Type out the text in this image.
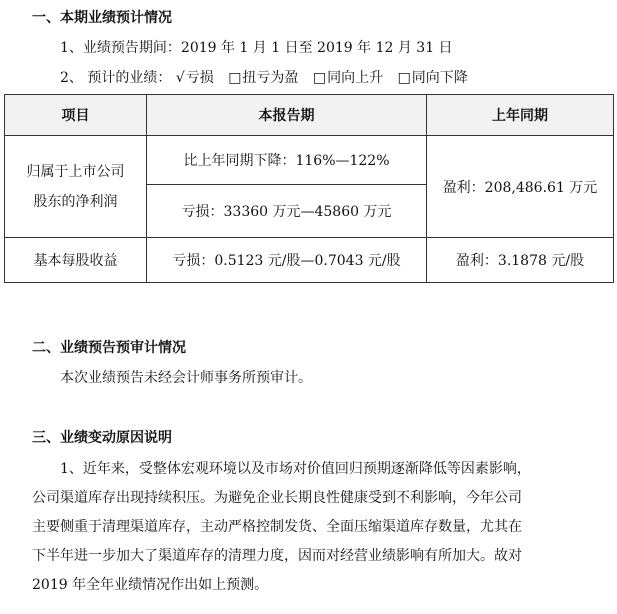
一、本期业绩预计情况
1、业绩预告期间：2019 年 1 月 1 日至 2019 年 12 月 31 日
2、 预计的业绩： √亏损 □扭亏为盈 □同向上升 □同向下降
项目	本报告期	上年同期

归属于上市公司
股东的净利润	比上年同期下降：116%—122%	盈利：208,486.61 万元
	亏损：33360 万元—45860 万元	
基本每股收益	亏损：0.5123 元/股—0.7043 元/股	盈利：3.1878 元/股
二、业绩预告预审计情况
本次业绩预告未经会计师事务所预审计。
三、业绩变动原因说明
1、近年来，受整体宏观环境以及市场对价值回归预期逐渐降低等因素影响，
公司渠道库存出现持续积压。为避免企业长期良性健康受到不利影响，今年公司
主要侧重于清理渠道库存，主动严格控制发货、全面压缩渠道库存数量，尤其在
下半年进一步加大了渠道库存的清理力度，因而对经营业绩影响有所加大。故对
2019 年全年业绩情况作出如上预测。
